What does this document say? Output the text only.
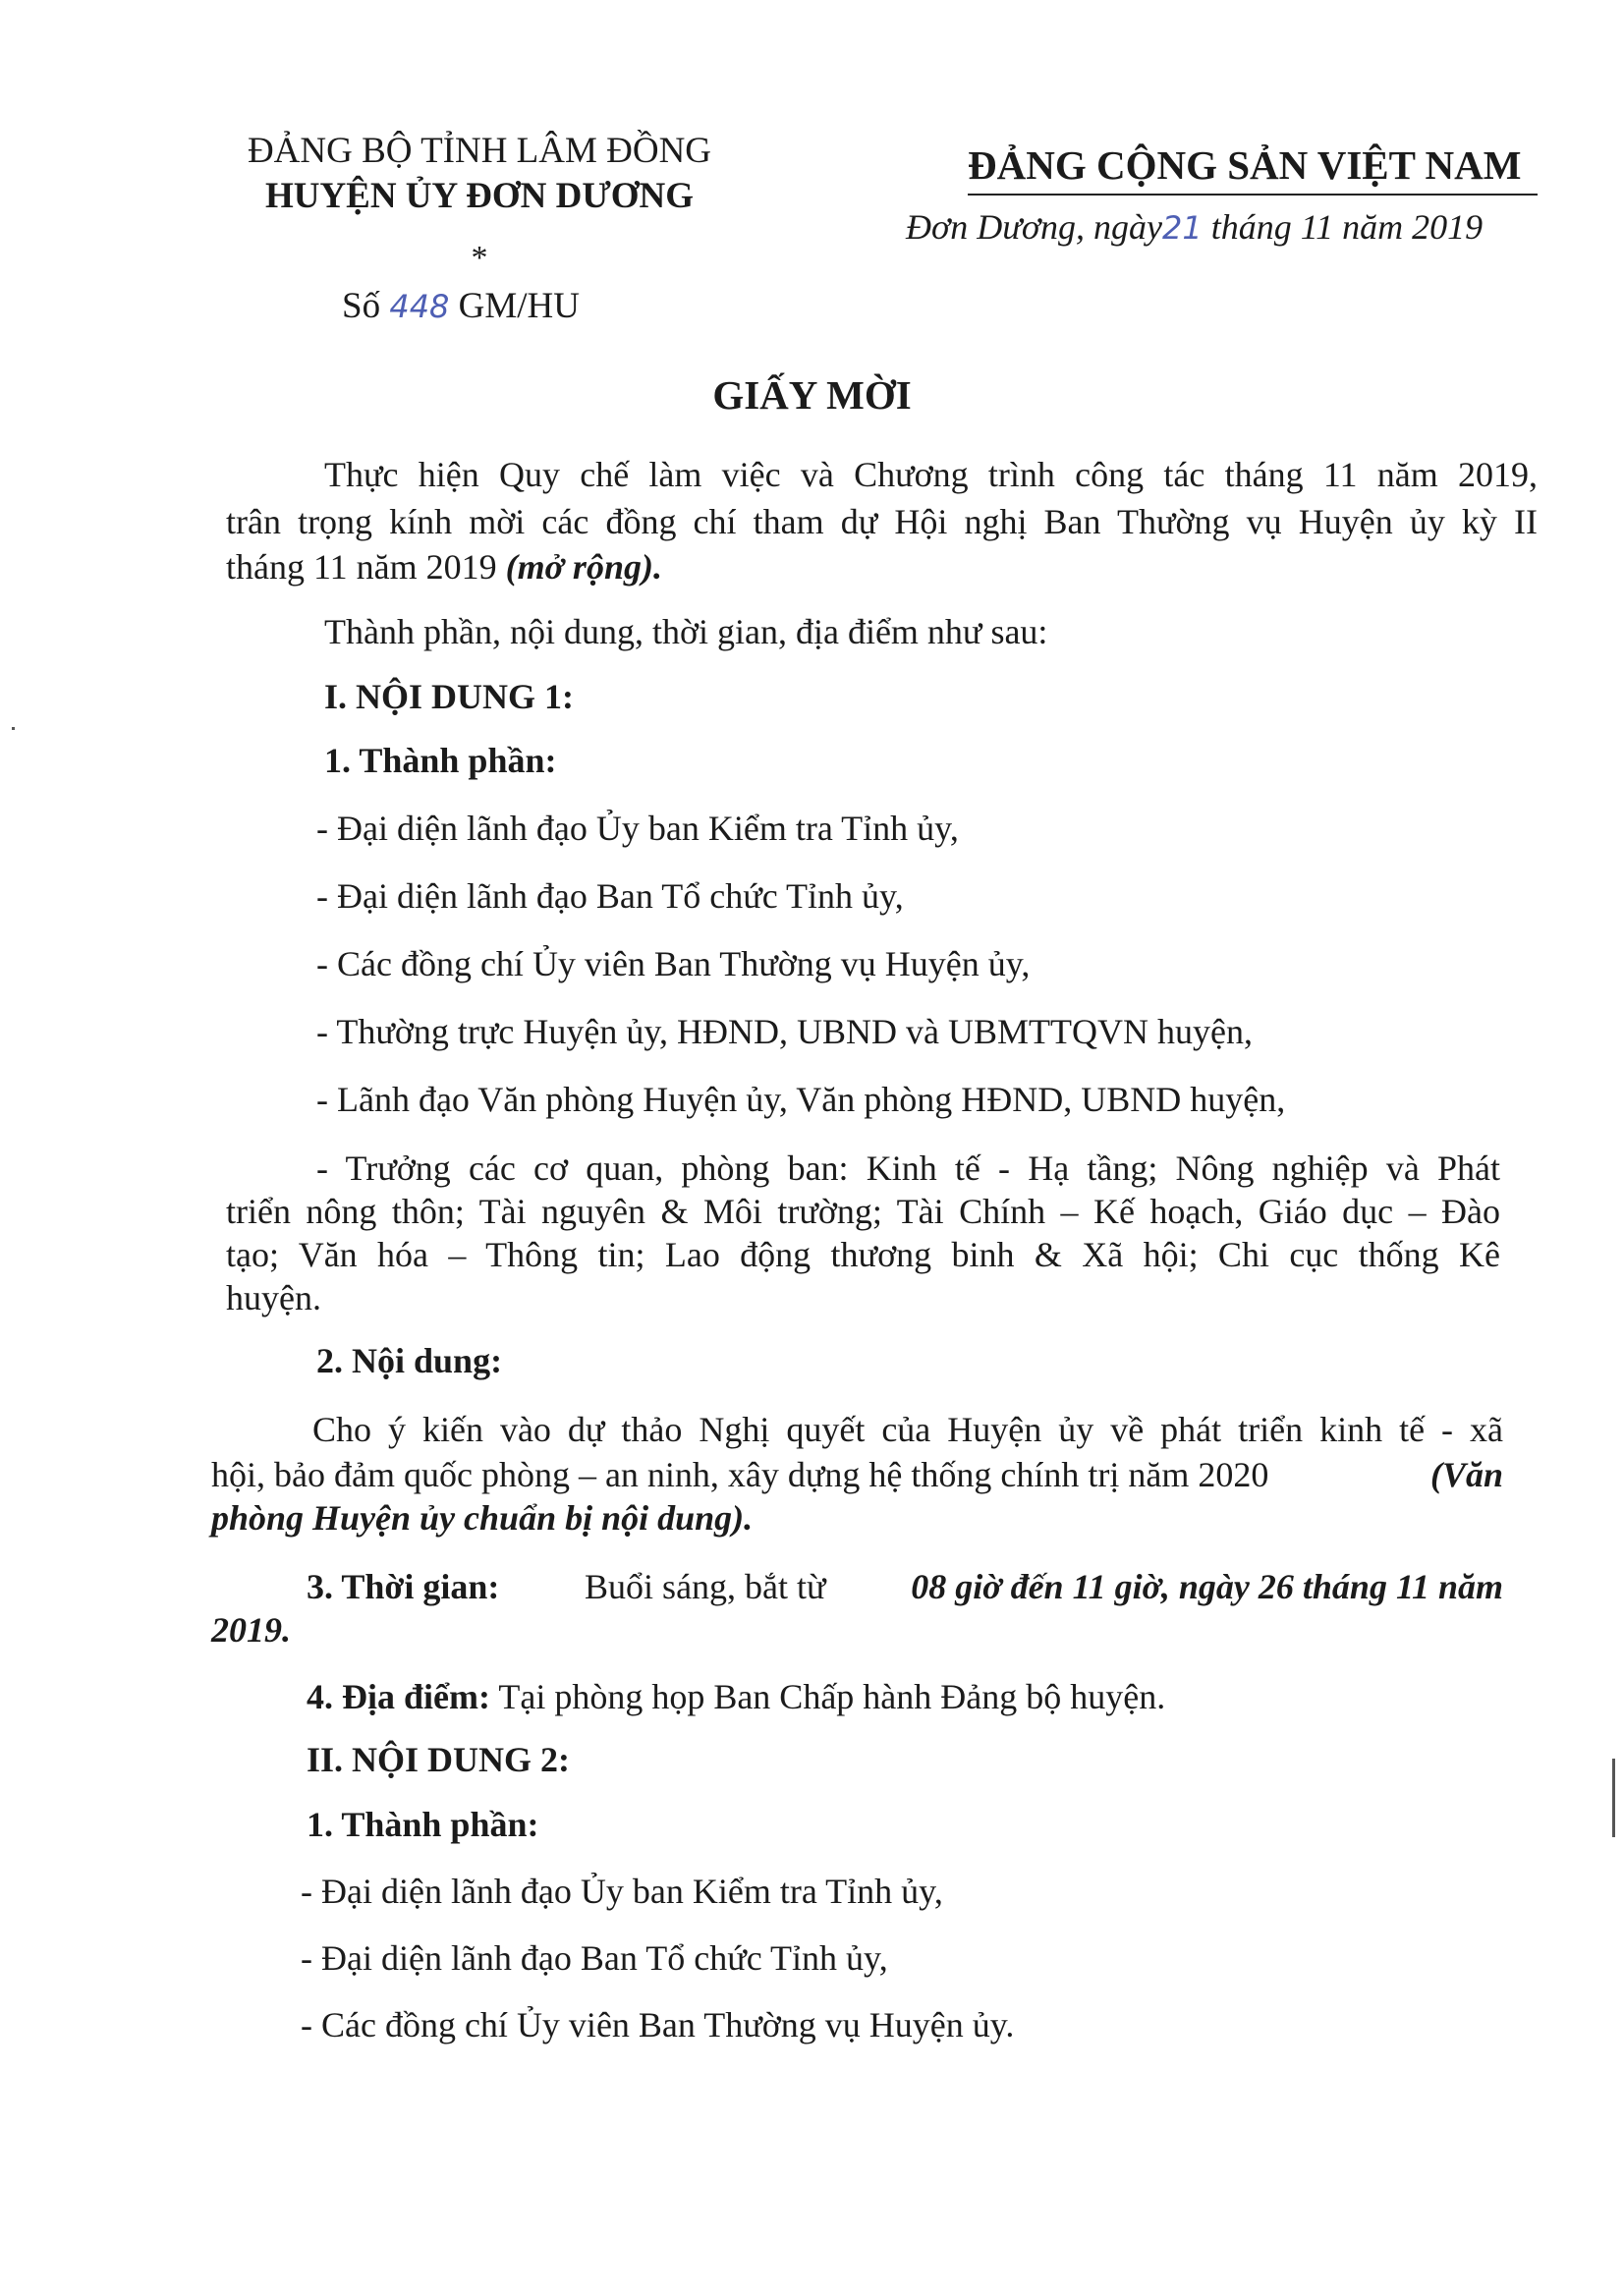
ĐẢNG BỘ TỈNH LÂM ĐỒNG
HUYỆN ỦY ĐƠN DƯƠNG
*
Số 448 GM/HU
ĐẢNG CỘNG SẢN VIỆT NAM
Đơn Dương, ngày21 tháng 11 năm 2019
GIẤY MỜI
Thực hiện Quy chế làm việc và Chương trình công tác tháng 11 năm 2019,
trân trọng kính mời các đồng chí tham dự Hội nghị Ban Thường vụ Huyện ủy kỳ II
tháng 11 năm 2019 (mở rộng).
Thành phần, nội dung, thời gian, địa điểm như sau:
I. NỘI DUNG 1:
1. Thành phần:
- Đại diện lãnh đạo Ủy ban Kiểm tra Tỉnh ủy,
- Đại diện lãnh đạo Ban Tổ chức Tỉnh ủy,
- Các đồng chí Ủy viên Ban Thường vụ Huyện ủy,
- Thường trực Huyện ủy, HĐND, UBND và UBMTTQVN huyện,
- Lãnh đạo Văn phòng Huyện ủy, Văn phòng HĐND, UBND huyện,
- Trưởng các cơ quan, phòng ban: Kinh tế - Hạ tầng; Nông nghiệp và Phát
triển nông thôn; Tài nguyên & Môi trường; Tài Chính – Kế hoạch, Giáo dục – Đào
tạo; Văn hóa – Thông tin; Lao động thương binh & Xã hội; Chi cục thống Kê
huyện.
2. Nội dung:
Cho ý kiến vào dự thảo Nghị quyết của Huyện ủy về phát triển kinh tế - xã
hội, bảo đảm quốc phòng – an ninh, xây dựng hệ thống chính trị năm 2020	(Văn
phòng Huyện ủy chuẩn bị nội dung).
3. Thời gian: Buổi sáng, bắt từ 08 giờ đến 11 giờ, ngày 26 tháng 11 năm
2019.
4. Địa điểm: Tại phòng họp Ban Chấp hành Đảng bộ huyện.
II. NỘI DUNG 2:
1. Thành phần:
- Đại diện lãnh đạo Ủy ban Kiểm tra Tỉnh ủy,
- Đại diện lãnh đạo Ban Tổ chức Tỉnh ủy,
- Các đồng chí Ủy viên Ban Thường vụ Huyện ủy.
